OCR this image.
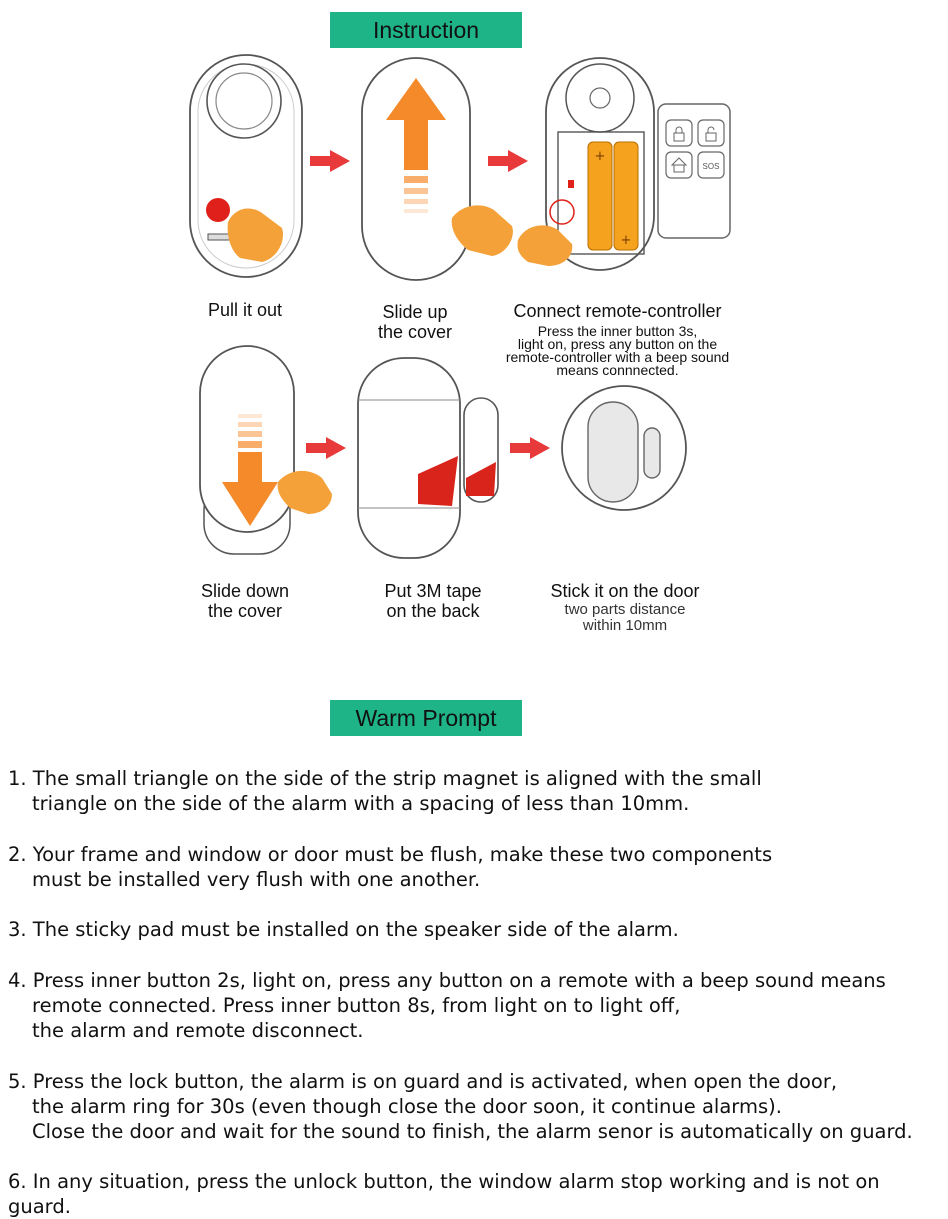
+
+
SOS
Instruction
Warm Prompt
Pull it out	Slide up
the cover
Connect remote-controller
Press the inner button 3s,
light on, press any button on the
remote-controller with a beep sound
means connnected.
Slide down
the cover
Put 3M tape
on the back
Stick it on the door
two parts distance
within 10mm
1. The small triangle on the side of the strip magnet is aligned with the small
triangle on the side of the alarm with a spacing of less than 10mm.
2. Your frame and window or door must be flush, make these two components
must be installed very flush with one another.
3. The sticky pad must be installed on the speaker side of the alarm.
4. Press inner button 2s, light on, press any button on a remote with a beep sound means
remote connected. Press inner button 8s, from light on to light off,
the alarm and remote disconnect.
5. Press the lock button, the alarm is on guard and is activated, when open the door,
the alarm ring for 30s (even though close the door soon, it continue alarms).
Close the door and wait for the sound to finish, the alarm senor is automatically on guard.
6. In any situation, press the unlock button, the window alarm stop working and is not on guard.
